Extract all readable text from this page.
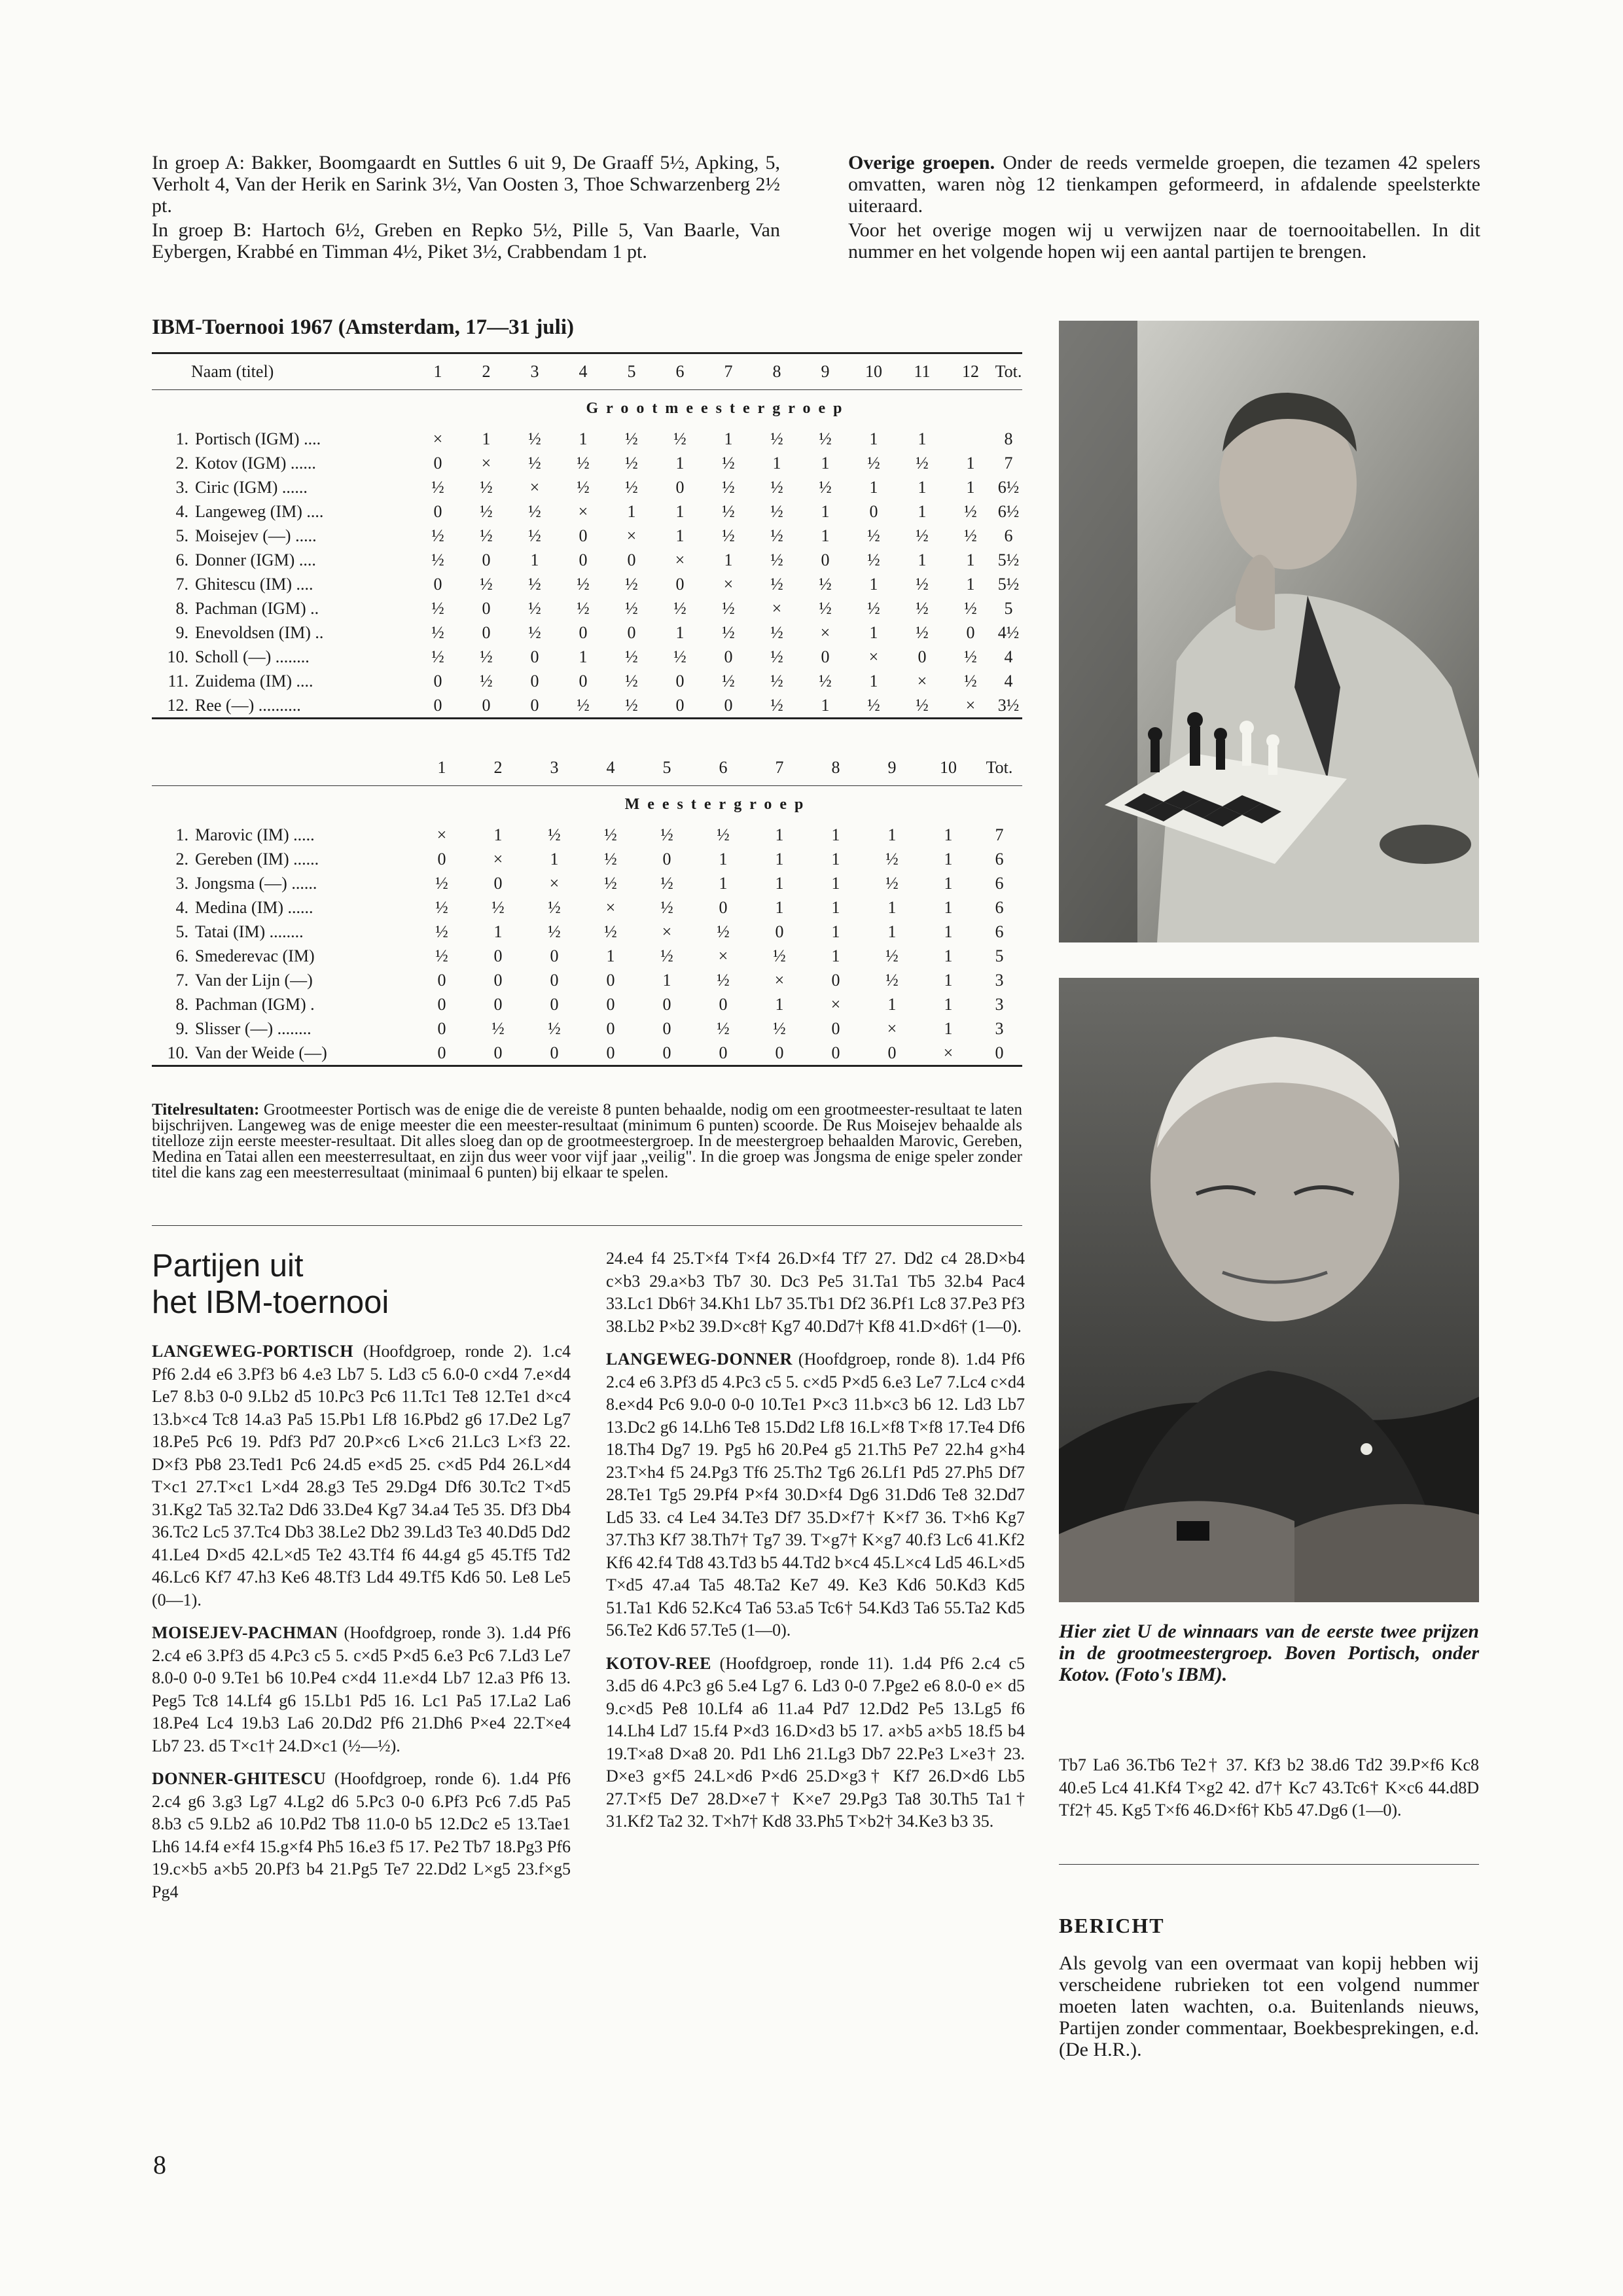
In groep A: Bakker, Boomgaardt en Suttles 6 uit 9, De Graaff 5½, Apking, 5, Verholt 4, Van der Herik en Sarink 3½, Van Oosten 3, Thoe Schwarzenberg 2½ pt.

In groep B: Hartoch 6½, Greben en Repko 5½, Pille 5, Van Baarle, Van Eybergen, Krabbé en Timman 4½, Piket 3½, Crabbendam 1 pt.

Overige groepen. Onder de reeds vermelde groepen, die tezamen 42 spelers omvatten, waren nòg 12 tienkampen geformeerd, in afdalende speelsterkte uiteraard.

Voor het overige mogen wij u verwijzen naar de toernooitabellen. In dit nummer en het volgende hopen wij een aantal partijen te brengen.

IBM-Toernooi 1967 (Amsterdam, 17—31 juli)
Naam (titel)	1	2	3	4	5	6	7	8	9	10	11	12	Tot.

	Grootmeestergroep												
1. Portisch (IGM) ....	×	1	½	1	½	½	1	½	½	1	1		8
2. Kotov (IGM) ......	0	×	½	½	½	1	½	1	1	½	½	1	7
3. Ciric (IGM) ......	½	½	×	½	½	0	½	½	½	1	1	1	6½
4. Langeweg (IM) ....	0	½	½	×	1	1	½	½	1	0	1	½	6½
5. Moisejev (—) .....	½	½	½	0	×	1	½	½	1	½	½	½	6
6. Donner (IGM) ....	½	0	1	0	0	×	1	½	0	½	1	1	5½
7. Ghitescu (IM) ....	0	½	½	½	½	0	×	½	½	1	½	1	5½
8. Pachman (IGM) ..	½	0	½	½	½	½	½	×	½	½	½	½	5
9. Enevoldsen (IM) ..	½	0	½	0	0	1	½	½	×	1	½	0	4½
10. Scholl (—) ........	½	½	0	1	½	½	0	½	0	×	0	½	4
11. Zuidema (IM) ....	0	½	0	0	½	0	½	½	½	1	×	½	4
12. Ree (—) ..........	0	0	0	½	½	0	0	½	1	½	½	×	3½
	1	2	3	4	5	6	7	8	9	10	Tot.

	Meestergroep										
1. Marovic (IM) .....	×	1	½	½	½	½	1	1	1	1	7
2. Gereben (IM) ......	0	×	1	½	0	1	1	1	½	1	6
3. Jongsma (—) ......	½	0	×	½	½	1	1	1	½	1	6
4. Medina (IM) ......	½	½	½	×	½	0	1	1	1	1	6
5. Tatai (IM) ........	½	1	½	½	×	½	0	1	1	1	6
6. Smederevac (IM)	½	0	0	1	½	×	½	1	½	1	5
7. Van der Lijn (—)	0	0	0	0	1	½	×	0	½	1	3
8. Pachman (IGM) .	0	0	0	0	0	0	1	×	1	1	3
9. Slisser (—) ........	0	½	½	0	0	½	½	0	×	1	3
10. Van der Weide (—)	0	0	0	0	0	0	0	0	0	×	0
Titelresultaten: Grootmeester Portisch was de enige die de vereiste 8 punten behaalde, nodig om een grootmeester-resultaat te laten bijschrijven. Langeweg was de enige meester die een meester-resultaat (minimum 6 punten) scoorde. De Rus Moisejev behaalde als titelloze zijn eerste meester-resultaat. Dit alles sloeg dan op de grootmeestergroep. In de meestergroep behaalden Marovic, Gereben, Medina en Tatai allen een meesterresultaat, en zijn dus weer voor vijf jaar „veilig". In die groep was Jongsma de enige speler zonder titel die kans zag een meesterresultaat (minimaal 6 punten) bij elkaar te spelen.
Partijen uit
het IBM-toernooi

LANGEWEG-PORTISCH (Hoofdgroep, ronde 2). 1.c4 Pf6 2.d4 e6 3.Pf3 b6 4.e3 Lb7 5. Ld3 c5 6.0-0 c×d4 7.e×d4 Le7 8.b3 0-0 9.Lb2 d5 10.Pc3 Pc6 11.Tc1 Te8 12.Te1 d×c4 13.b×c4 Tc8 14.a3 Pa5 15.Pb1 Lf8 16.Pbd2 g6 17.De2 Lg7 18.Pe5 Pc6 19. Pdf3 Pd7 20.P×c6 L×c6 21.Lc3 L×f3 22. D×f3 Pb8 23.Ted1 Pc6 24.d5 e×d5 25. c×d5 Pd4 26.L×d4 T×c1 27.T×c1 L×d4 28.g3 Te5 29.Dg4 Df6 30.Tc2 T×d5 31.Kg2 Ta5 32.Ta2 Dd6 33.De4 Kg7 34.a4 Te5 35. Df3 Db4 36.Tc2 Lc5 37.Tc4 Db3 38.Le2 Db2 39.Ld3 Te3 40.Dd5 Dd2 41.Le4 D×d5 42.L×d5 Te2 43.Tf4 f6 44.g4 g5 45.Tf5 Td2 46.Lc6 Kf7 47.h3 Ke6 48.Tf3 Ld4 49.Tf5 Kd6 50. Le8 Le5 (0—1).

MOISEJEV-PACHMAN (Hoofdgroep, ronde 3). 1.d4 Pf6 2.c4 e6 3.Pf3 d5 4.Pc3 c5 5. c×d5 P×d5 6.e3 Pc6 7.Ld3 Le7 8.0-0 0-0 9.Te1 b6 10.Pe4 c×d4 11.e×d4 Lb7 12.a3 Pf6 13. Peg5 Tc8 14.Lf4 g6 15.Lb1 Pd5 16. Lc1 Pa5 17.La2 La6 18.Pe4 Lc4 19.b3 La6 20.Dd2 Pf6 21.Dh6 P×e4 22.T×e4 Lb7 23. d5 T×c1† 24.D×c1 (½—½).

DONNER-GHITESCU (Hoofdgroep, ronde 6). 1.d4 Pf6 2.c4 g6 3.g3 Lg7 4.Lg2 d6 5.Pc3 0-0 6.Pf3 Pc6 7.d5 Pa5 8.b3 c5 9.Lb2 a6 10.Pd2 Tb8 11.0-0 b5 12.Dc2 e5 13.Tae1 Lh6 14.f4 e×f4 15.g×f4 Ph5 16.e3 f5 17. Pe2 Tb7 18.Pg3 Pf6 19.c×b5 a×b5 20.Pf3 b4 21.Pg5 Te7 22.Dd2 L×g5 23.f×g5 Pg4

24.e4 f4 25.T×f4 T×f4 26.D×f4 Tf7 27. Dd2 c4 28.D×b4 c×b3 29.a×b3 Tb7 30. Dc3 Pe5 31.Ta1 Tb5 32.b4 Pac4 33.Lc1 Db6† 34.Kh1 Lb7 35.Tb1 Df2 36.Pf1 Lc8 37.Pe3 Pf3 38.Lb2 P×b2 39.D×c8† Kg7 40.Dd7† Kf8 41.D×d6† (1—0).

LANGEWEG-DONNER (Hoofdgroep, ronde 8). 1.d4 Pf6 2.c4 e6 3.Pf3 d5 4.Pc3 c5 5. c×d5 P×d5 6.e3 Le7 7.Lc4 c×d4 8.e×d4 Pc6 9.0-0 0-0 10.Te1 P×c3 11.b×c3 b6 12. Ld3 Lb7 13.Dc2 g6 14.Lh6 Te8 15.Dd2 Lf8 16.L×f8 T×f8 17.Te4 Df6 18.Th4 Dg7 19. Pg5 h6 20.Pe4 g5 21.Th5 Pe7 22.h4 g×h4 23.T×h4 f5 24.Pg3 Tf6 25.Th2 Tg6 26.Lf1 Pd5 27.Ph5 Df7 28.Te1 Tg5 29.Pf4 P×f4 30.D×f4 Dg6 31.Dd6 Te8 32.Dd7 Ld5 33. c4 Le4 34.Te3 Df7 35.D×f7† K×f7 36. T×h6 Kg7 37.Th3 Kf7 38.Th7† Tg7 39. T×g7† K×g7 40.f3 Lc6 41.Kf2 Kf6 42.f4 Td8 43.Td3 b5 44.Td2 b×c4 45.L×c4 Ld5 46.L×d5 T×d5 47.a4 Ta5 48.Ta2 Ke7 49. Ke3 Kd6 50.Kd3 Kd5 51.Ta1 Kd6 52.Kc4 Ta6 53.a5 Tc6† 54.Kd3 Ta6 55.Ta2 Kd5 56.Te2 Kd6 57.Te5 (1—0).

KOTOV-REE (Hoofdgroep, ronde 11). 1.d4 Pf6 2.c4 c5 3.d5 d6 4.Pc3 g6 5.e4 Lg7 6. Ld3 0-0 7.Pge2 e6 8.0-0 e× d5 9.c×d5 Pe8 10.Lf4 a6 11.a4 Pd7 12.Dd2 Pe5 13.Lg5 f6 14.Lh4 Ld7 15.f4 P×d3 16.D×d3 b5 17. a×b5 a×b5 18.f5 b4 19.T×a8 D×a8 20. Pd1 Lh6 21.Lg3 Db7 22.Pe3 L×e3† 23. D×e3 g×f5 24.L×d6 P×d6 25.D×g3† Kf7 26.D×d6 Lb5 27.T×f5 De7 28.D×e7† K×e7 29.Pg3 Ta8 30.Th5 Ta1† 31.Kf2 Ta2 32. T×h7† Kd8 33.Ph5 T×b2† 34.Ke3 b3 35.

Hier ziet U de winnaars van de eerste twee prijzen in de grootmeestergroep. Boven Portisch, onder Kotov. (Foto's IBM).

Tb7 La6 36.Tb6 Te2† 37. Kf3 b2 38.d6 Td2 39.P×f6 Kc8 40.e5 Lc4 41.Kf4 T×g2 42. d7† Kc7 43.Tc6† K×c6 44.d8D Tf2† 45. Kg5 T×f6 46.D×f6† Kb5 47.Dg6 (1—0).

BERICHT
Als gevolg van een overmaat van kopij hebben wij verscheidene rubrieken tot een volgend nummer moeten laten wachten, o.a. Buitenlands nieuws, Partijen zonder commentaar, Boekbesprekingen, e.d. (De H.R.).
8
